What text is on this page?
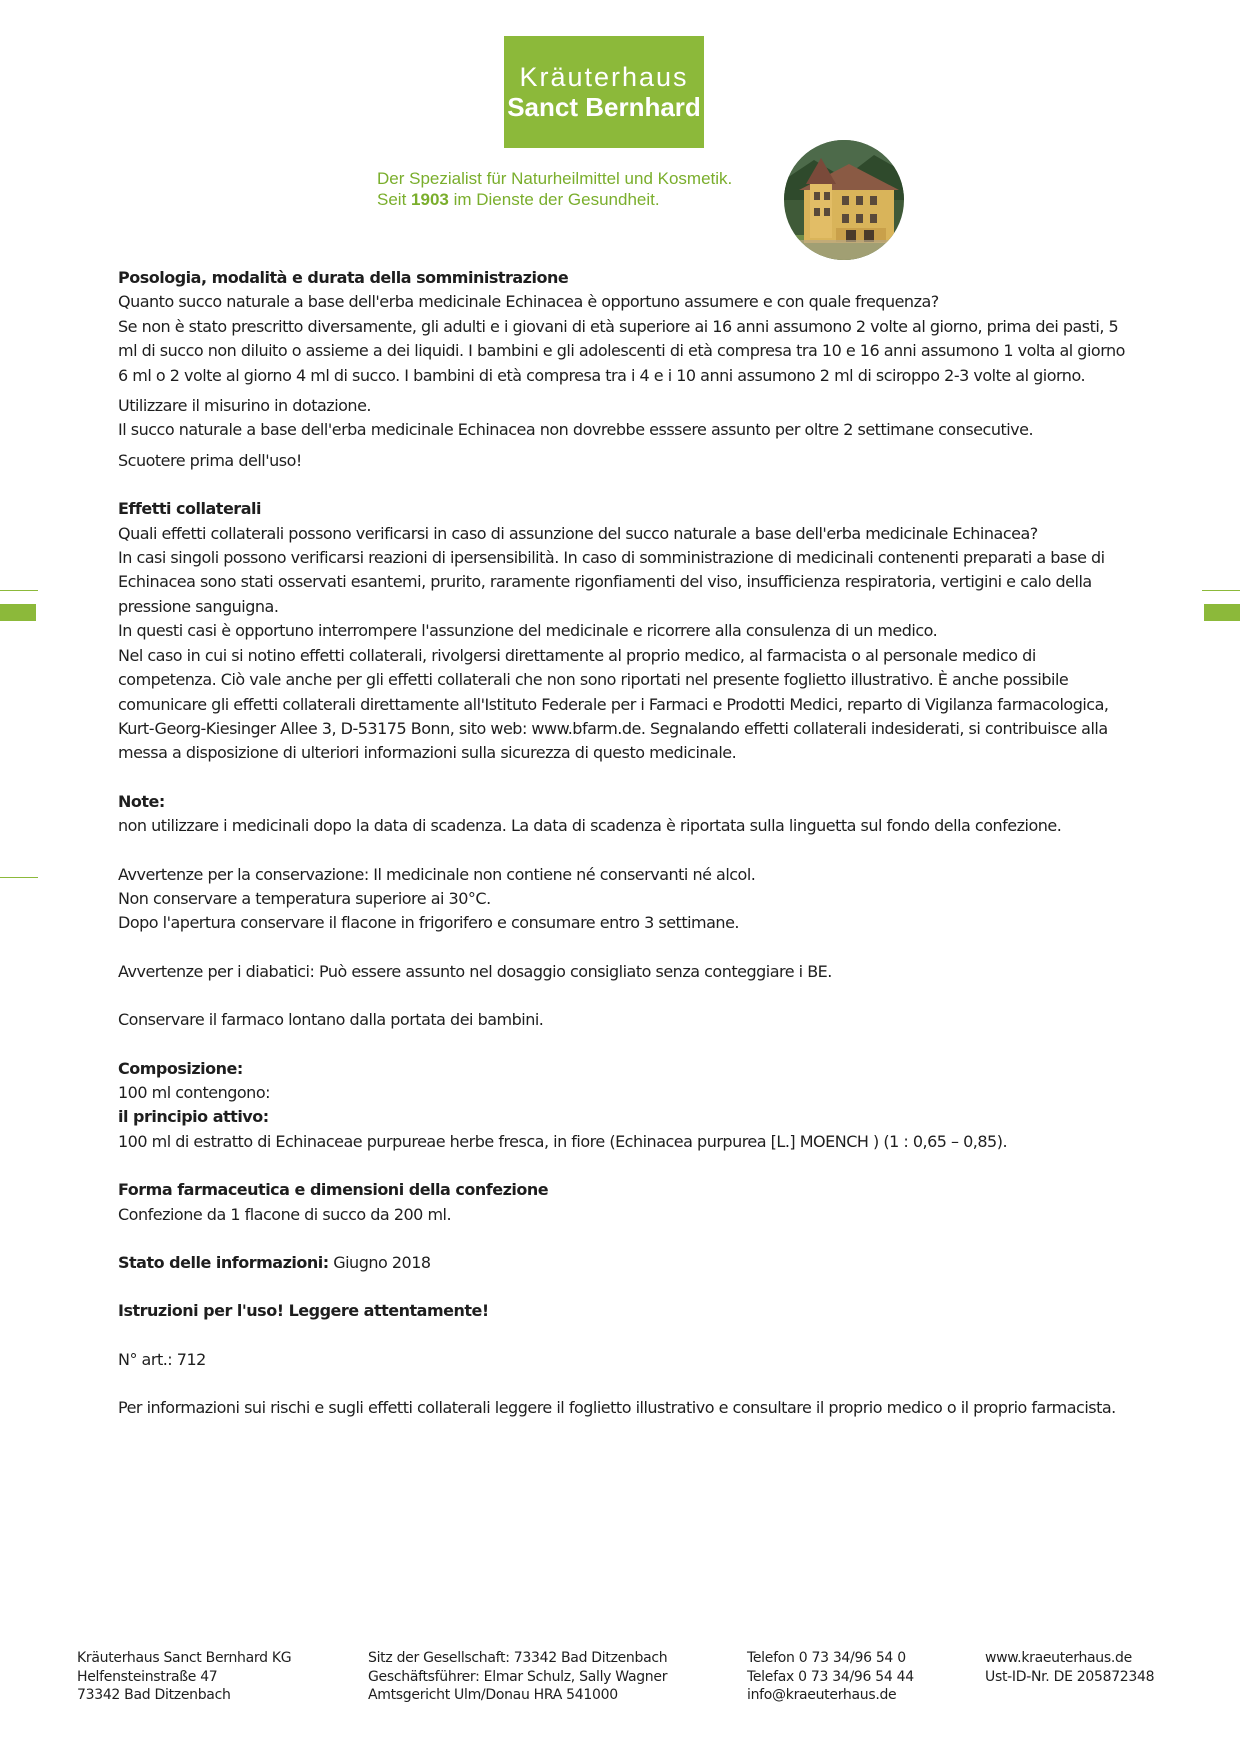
Kräuterhaus
Sanct Bernhard
Der Spezialist für Naturheilmittel und Kosmetik.
Seit 1903 im Dienste der Gesundheit.

Posologia, modalità e durata della somministrazione

Quanto succo naturale a base dell'erba medicinale Echinacea è opportuno assumere e con quale frequenza?

Se non è stato prescritto diversamente, gli adulti e i giovani di età superiore ai 16 anni assumono 2 volte al giorno, prima dei pasti, 5 ml di succo non diluito o assieme a dei liquidi. I bambini e gli adolescenti di età compresa tra 10 e 16 anni assumono 1 volta al giorno 6 ml o 2 volte al giorno 4 ml di succo. I bambini di età compresa tra i 4 e i 10 anni assumono 2 ml di sciroppo 2-3 volte al giorno.

Utilizzare il misurino in dotazione.

Il succo naturale a base dell'erba medicinale Echinacea non dovrebbe esssere assunto per oltre 2 settimane consecutive.

Scuotere prima dell'uso!

Effetti collaterali

Quali effetti collaterali possono verificarsi in caso di assunzione del succo naturale a base dell'erba medicinale Echinacea?

In casi singoli possono verificarsi reazioni di ipersensibilità. In caso di somministrazione di medicinali contenenti preparati a base di Echinacea sono stati osservati esantemi, prurito, raramente rigonfiamenti del viso, insufficienza respiratoria, vertigini e calo della pressione sanguigna.

In questi casi è opportuno interrompere l'assunzione del medicinale e ricorrere alla consulenza di un medico.

Nel caso in cui si notino effetti collaterali, rivolgersi direttamente al proprio medico, al farmacista o al personale medico di competenza. Ciò vale anche per gli effetti collaterali che non sono riportati nel presente foglietto illustrativo. È anche possibile comunicare gli effetti collaterali direttamente all'Istituto Federale per i Farmaci e Prodotti Medici, reparto di Vigilanza farmacologica, Kurt-Georg-Kiesinger Allee 3, D-53175 Bonn, sito web: www.bfarm.de. Segnalando effetti collaterali indesiderati, si contribuisce alla messa a disposizione di ulteriori informazioni sulla sicurezza di questo medicinale.

Note:

non utilizzare i medicinali dopo la data di scadenza. La data di scadenza è riportata sulla linguetta sul fondo della confezione.

Avvertenze per la conservazione: Il medicinale non contiene né conservanti né alcol.

Non conservare a temperatura superiore ai 30°C.

Dopo l'apertura conservare il flacone in frigorifero e consumare entro 3 settimane.

Avvertenze per i diabatici: Può essere assunto nel dosaggio consigliato senza conteggiare i BE.

Conservare il farmaco lontano dalla portata dei bambini.

Composizione:

100 ml contengono:

il principio attivo:

100 ml di estratto di Echinaceae purpureae herbe fresca, in fiore (Echinacea purpurea [L.] MOENCH ) (1 : 0,65 – 0,85).

Forma farmaceutica e dimensioni della confezione

Confezione da 1 flacone di succo da 200 ml.

Stato delle informazioni: Giugno 2018

Istruzioni per l'uso! Leggere attentamente!

N° art.: 712

Per informazioni sui rischi e sugli effetti collaterali leggere il foglietto illustrativo e consultare il proprio medico o il proprio farmacista.

Kräuterhaus Sanct Bernhard KG
Helfensteinstraße 47
73342 Bad Ditzenbach
Sitz der Gesellschaft: 73342 Bad Ditzenbach
Geschäftsführer: Elmar Schulz, Sally Wagner
Amtsgericht Ulm/Donau HRA 541000
Telefon 0 73 34/96 54 0
Telefax 0 73 34/96 54 44
info@kraeuterhaus.de
www.kraeuterhaus.de
Ust-ID-Nr. DE 205872348
